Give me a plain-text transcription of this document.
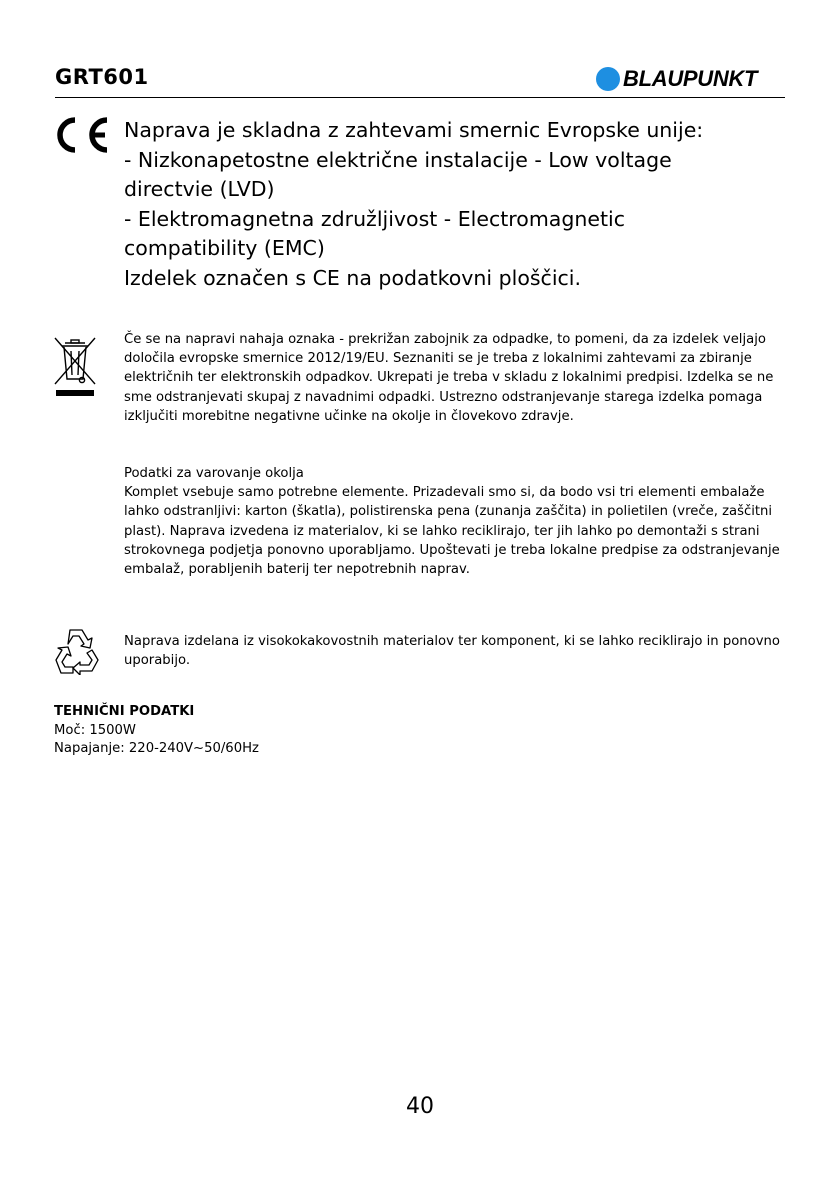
GRT601	BLAUPUNKT
Naprava je skladna z zahtevami smernic Evropske unije:
- Nizkonapetostne električne instalacije - Low voltage
directvie (LVD)
- Elektromagnetna združljivost - Electromagnetic
compatibility (EMC)
Izdelek označen s CE na podatkovni ploščici.
Če se na napravi nahaja oznaka - prekrižan zabojnik za odpadke, to pomeni, da za izdelek veljajo določila evropske smernice 2012/19/EU. Seznaniti se je treba z lokalnimi zahtevami za zbiranje električnih ter elektronskih odpadkov. Ukrepati je treba v skladu z lokalnimi predpisi. Izdelka se ne sme odstranjevati skupaj z navadnimi odpadki. Ustrezno odstranjevanje starega izdelka pomaga izključiti morebitne negativne učinke na okolje in človekovo zdravje.
Podatki za varovanje okolja
Komplet vsebuje samo potrebne elemente. Prizadevali smo si, da bodo vsi tri elementi embalaže lahko odstranljivi: karton (škatla), polistirenska pena (zunanja zaščita) in polietilen (vreče, zaščitni plast). Naprava izvedena iz materialov, ki se lahko reciklirajo, ter jih lahko po demontaži s strani strokovnega podjetja ponovno uporabljamo. Upoštevati je treba lokalne predpise za odstranjevanje embalaž, porabljenih baterij ter nepotrebnih naprav.
Naprava izdelana iz visokokakovostnih materialov ter komponent, ki se lahko reciklirajo in ponovno uporabijo.
TEHNIČNI PODATKI
Moč: 1500W
Napajanje: 220-240V~50/60Hz
40
